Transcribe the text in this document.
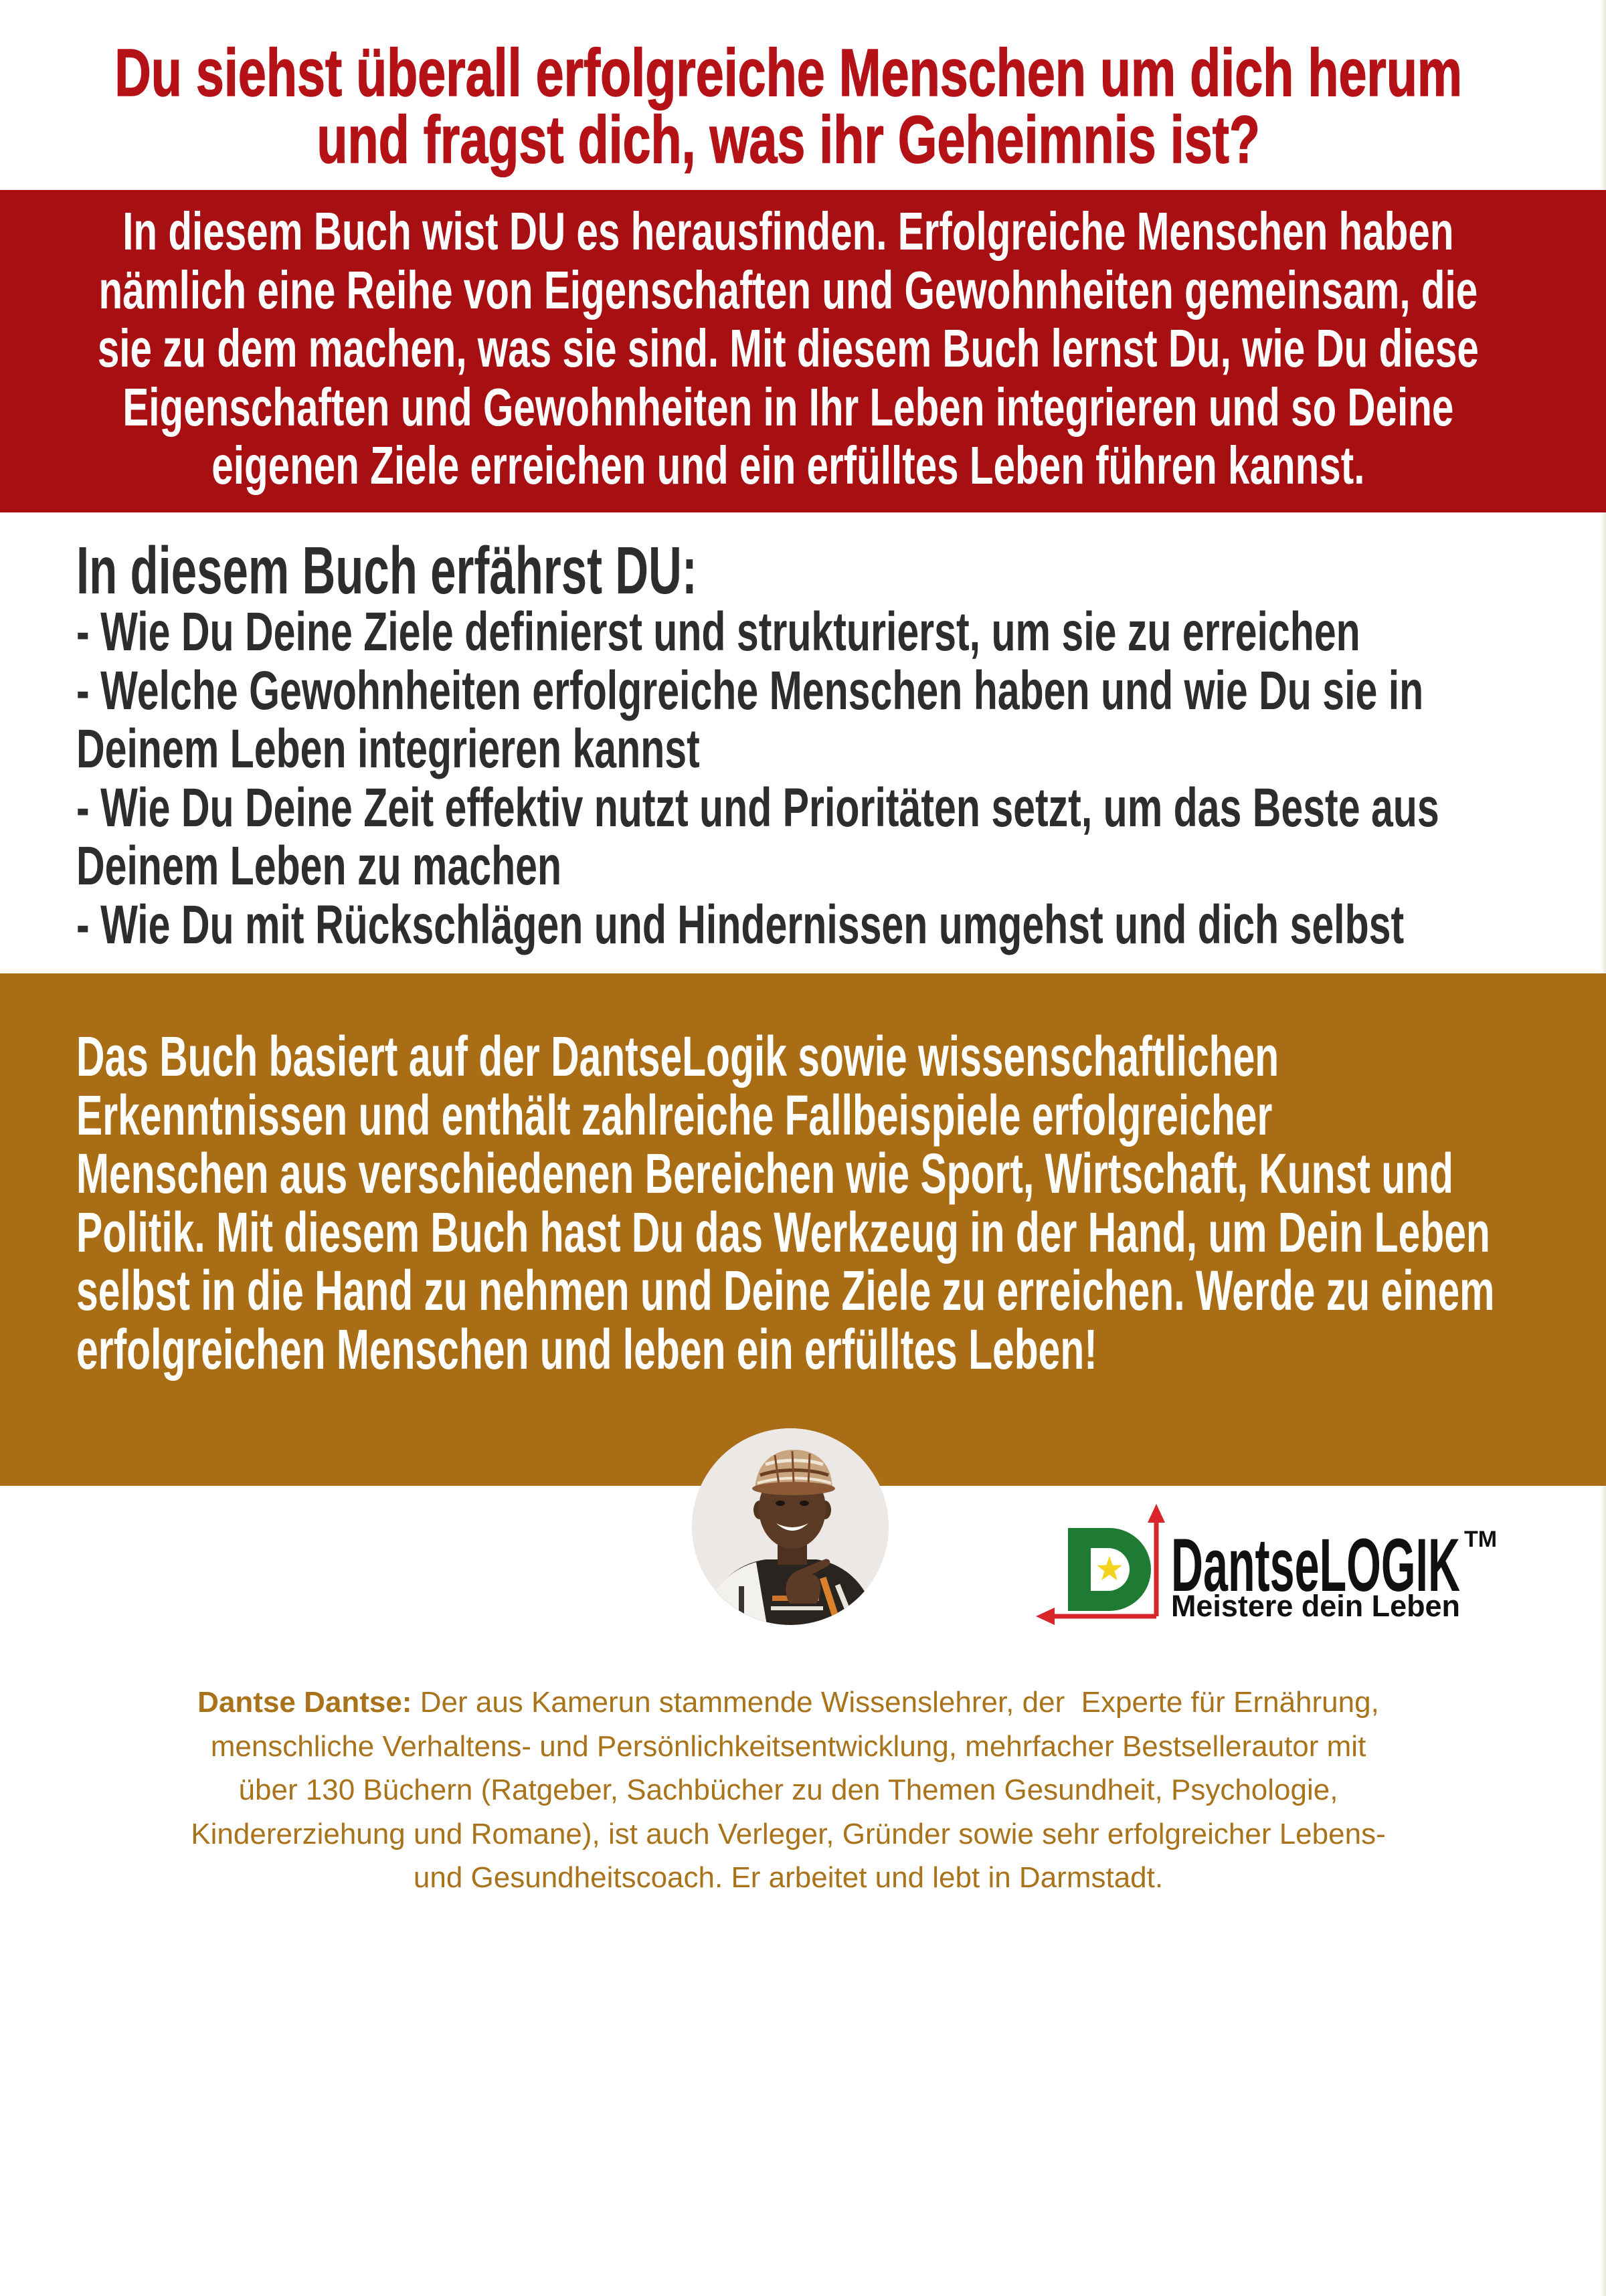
Du siehst überall erfolgreiche Menschen um dich herum
und fragst dich, was ihr Geheimnis ist?
In diesem Buch wist DU es herausfinden. Erfolgreiche Menschen haben
nämlich eine Reihe von Eigenschaften und Gewohnheiten gemeinsam, die
sie zu dem machen, was sie sind. Mit diesem Buch lernst Du, wie Du diese
Eigenschaften und Gewohnheiten in Ihr Leben integrieren und so Deine
eigenen Ziele erreichen und ein erfülltes Leben führen kannst.
In diesem Buch erfährst DU:
- Wie Du Deine Ziele definierst und strukturierst, um sie zu erreichen
- Welche Gewohnheiten erfolgreiche Menschen haben und wie Du sie in
Deinem Leben integrieren kannst
- Wie Du Deine Zeit effektiv nutzt und Prioritäten setzt, um das Beste aus
Deinem Leben zu machen
- Wie Du mit Rückschlägen und Hindernissen umgehst und dich selbst
Das Buch basiert auf der DantseLogik sowie wissenschaftlichen
Erkenntnissen und enthält zahlreiche Fallbeispiele erfolgreicher
Menschen aus verschiedenen Bereichen wie Sport, Wirtschaft, Kunst und
Politik. Mit diesem Buch hast Du das Werkzeug in der Hand, um Dein Leben
selbst in die Hand zu nehmen und Deine Ziele zu erreichen. Werde zu einem
erfolgreichen Menschen und leben ein erfülltes Leben!
DantseLOGIK TM
Meistere dein Leben
Dantse Dantse: Der aus Kamerun stammende Wissenslehrer, der  Experte für Ernährung,
menschliche Verhaltens- und Persönlichkeitsentwicklung, mehrfacher Bestsellerautor mit
über 130 Büchern (Ratgeber, Sachbücher zu den Themen Gesundheit, Psychologie,
Kindererziehung und Romane), ist auch Verleger, Gründer sowie sehr erfolgreicher Lebens-
und Gesundheitscoach. Er arbeitet und lebt in Darmstadt.
